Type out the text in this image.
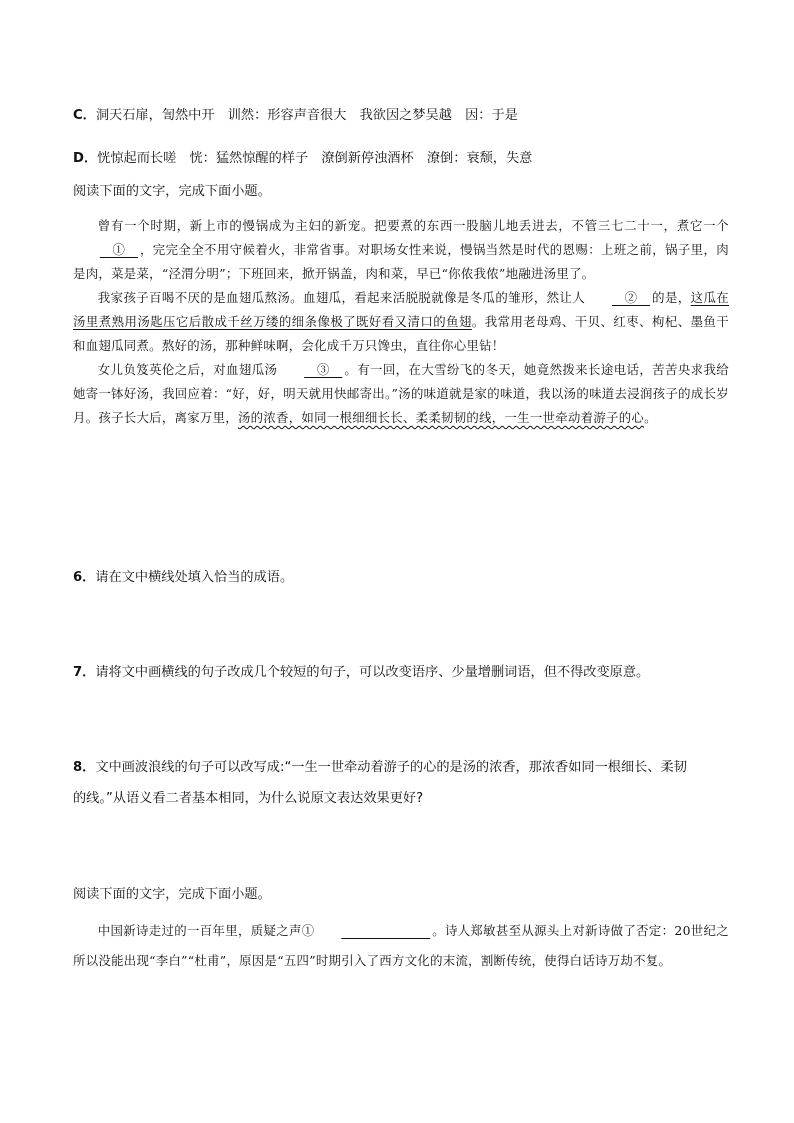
C．洞天石扉，訇然中开　训然：形容声音很大　我欲因之梦吴越　因：于是
D．恍惊起而长嗟　恍：猛然惊醒的样子　潦倒新停浊酒杯　潦倒：衰颓，失意
阅读下面的文字，完成下面小题。

曾有一个时期，新上市的慢锅成为主妇的新宠。把要煮的东西一股脑儿地丢进去，不管三七二十一，煮它一个　①　，完完全全不用守候着火，非常省事。对职场女性来说，慢锅当然是时代的恩赐：上班之前，锅子里，肉是肉，菜是菜，“泾渭分明”；下班回来，掀开锅盖，肉和菜，早已“你侬我侬”地融进汤里了。

我家孩子百喝不厌的是血翅瓜熬汤。血翅瓜，看起来活脱脱就像是冬瓜的雏形，然让人　②　的是，这瓜在汤里煮熟用汤匙压它后散成千丝万缕的细条像极了既好看又清口的鱼翅。我常用老母鸡、干贝、红枣、枸杞、墨鱼干和血翅瓜同煮。熬好的汤，那种鲜味啊，会化成千万只馋虫，直往你心里钻！

女儿负笈英伦之后，对血翅瓜汤　③　。有一回，在大雪纷飞的冬天，她竟然拨来长途电话，苦苦央求我给她寄一钵好汤，我回应着：“好，好，明天就用快邮寄出。”汤的味道就是家的味道，我以汤的味道去浸润孩子的成长岁月。孩子长大后，离家万里，汤的浓香，如同一根细细长长、柔柔韧韧的线，一生一世牵动着游子的心。

6．请在文中横线处填入恰当的成语。
7．请将文中画横线的句子改成几个较短的句子，可以改变语序、少量增删词语，但不得改变原意。
8．文中画波浪线的句子可以改写成:“一生一世牵动着游子的心的是汤的浓香，那浓香如同一根细长、柔韧
的线。”从语义看二者基本相同，为什么说原文表达效果更好?
阅读下面的文字，完成下面小题。

中国新诗走过的一百年里，质疑之声①　　　　　　　	。诗人郑敏甚至从源头上对新诗做了否定：20世纪之所以没能出现“李白”“杜甫”，原因是“五四”时期引入了西方文化的末流，割断传统，使得白话诗万劫不复。
